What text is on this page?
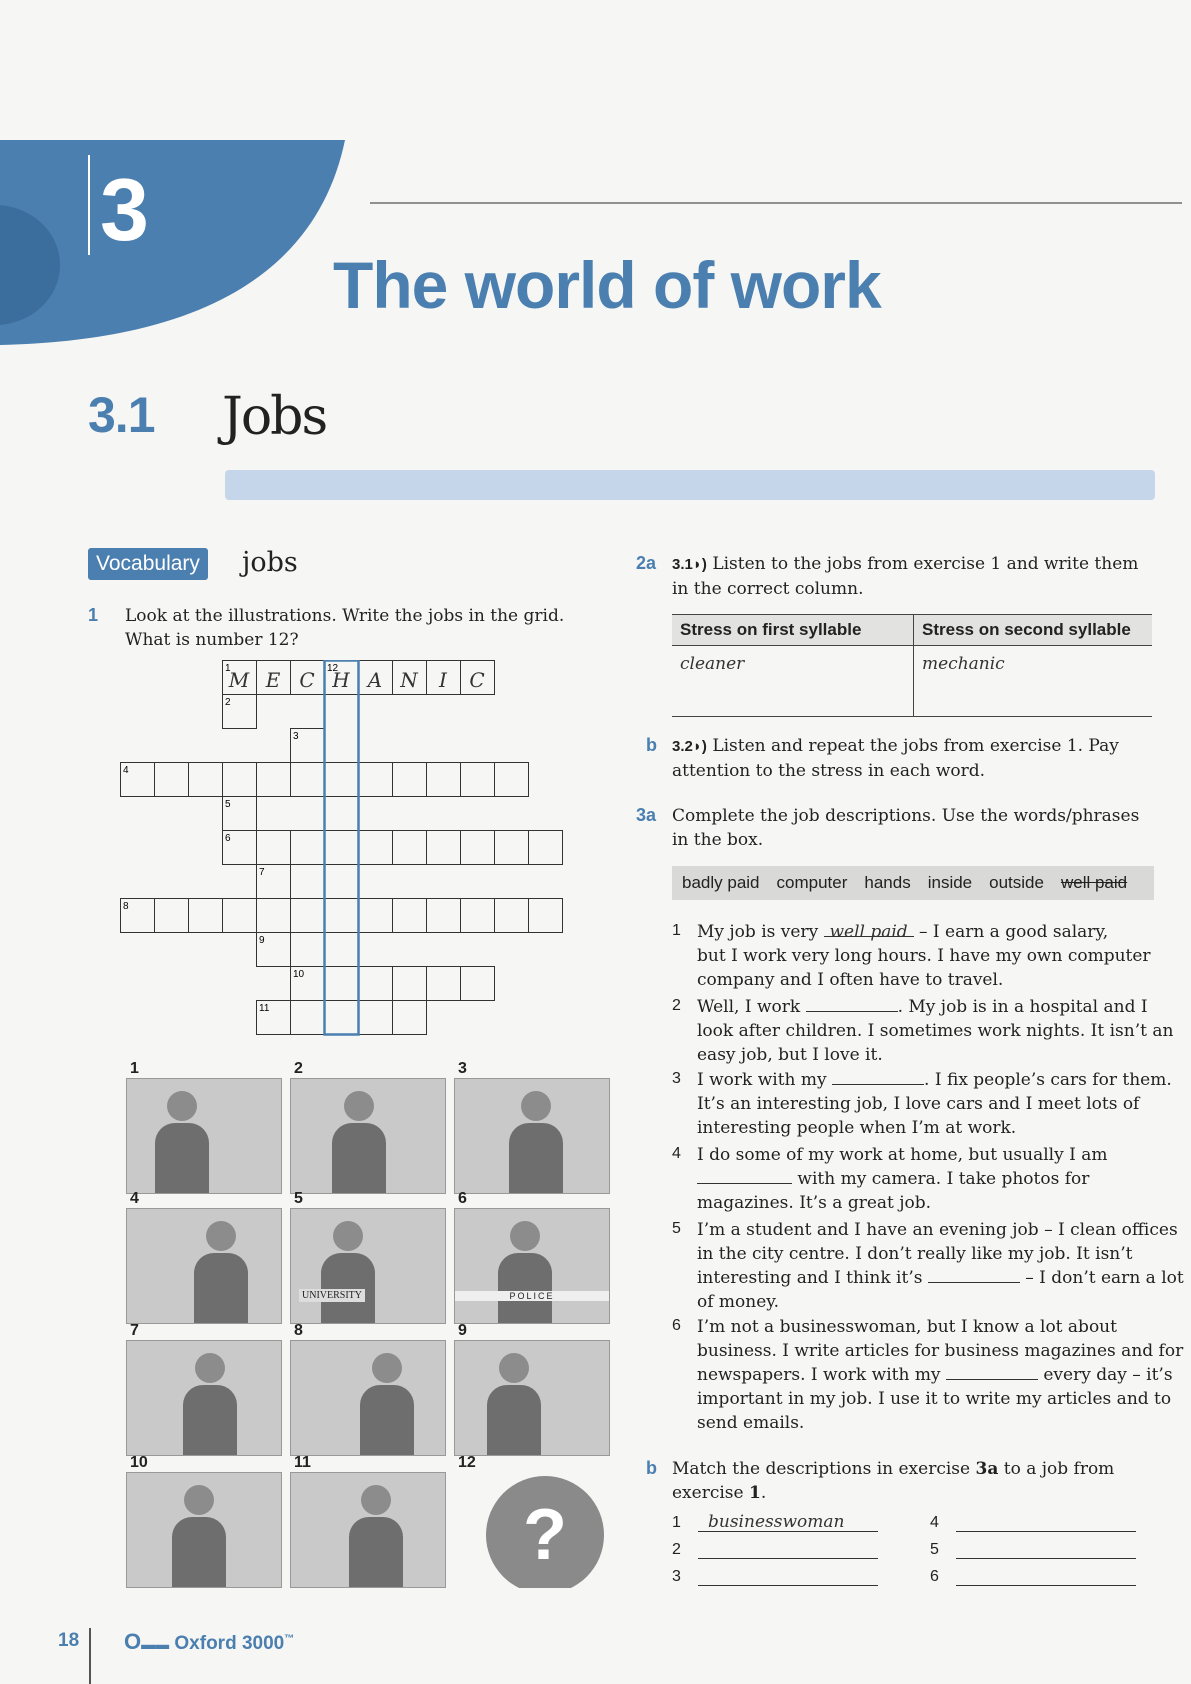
3
The world of work
3.1 Jobs
Vocabulary jobs
1 Look at the illustrations. Write the jobs in the grid. What is number 12?
1
2
3
4
5
6
7
8
9
10
11
12
M E C H A N I C
1	2	3
4	5
UNIVERSITY
6
POLICE
7	8	9
10	11	12
?
2a 3.1◗) Listen to the jobs from exercise 1 and write them in the correct column.
Stress on first syllable	Stress on second syllable
cleaner	mechanic
b 3.2◗) Listen and repeat the jobs from exercise 1. Pay attention to the stress in each word.
3a Complete the job descriptions. Use the words/phrases in the box.
badly paid computer hands inside outside well paid
1 My job is very well paid – I earn a good salary,
but I work very long hours. I have my own computer
company and I often have to travel.
2 Well, I work	. My job is in a hospital and I
look after children. I sometimes work nights. It isn’t an
easy job, but I love it.
3 I work with my	. I fix people’s cars for them.
It’s an interesting job, I love cars and I meet lots of
interesting people when I’m at work.
4 I do some of my work at home, but usually I am
with my camera. I take photos for
magazines. It’s a great job.
5 I’m a student and I have an evening job – I clean offices
in the city centre. I don’t really like my job. It isn’t
interesting and I think it’s	– I don’t earn a lot
of money.
6 I’m not a businesswoman, but I know a lot about
business. I write articles for business magazines and for
newspapers. I work with my	every day – it’s
important in my job. I use it to write my articles and to
send emails.
b Match the descriptions in exercise 3a to a job from exercise 1.
1	businesswoman
2
3
4
5
6
18 O▬▬ Oxford 3000™
